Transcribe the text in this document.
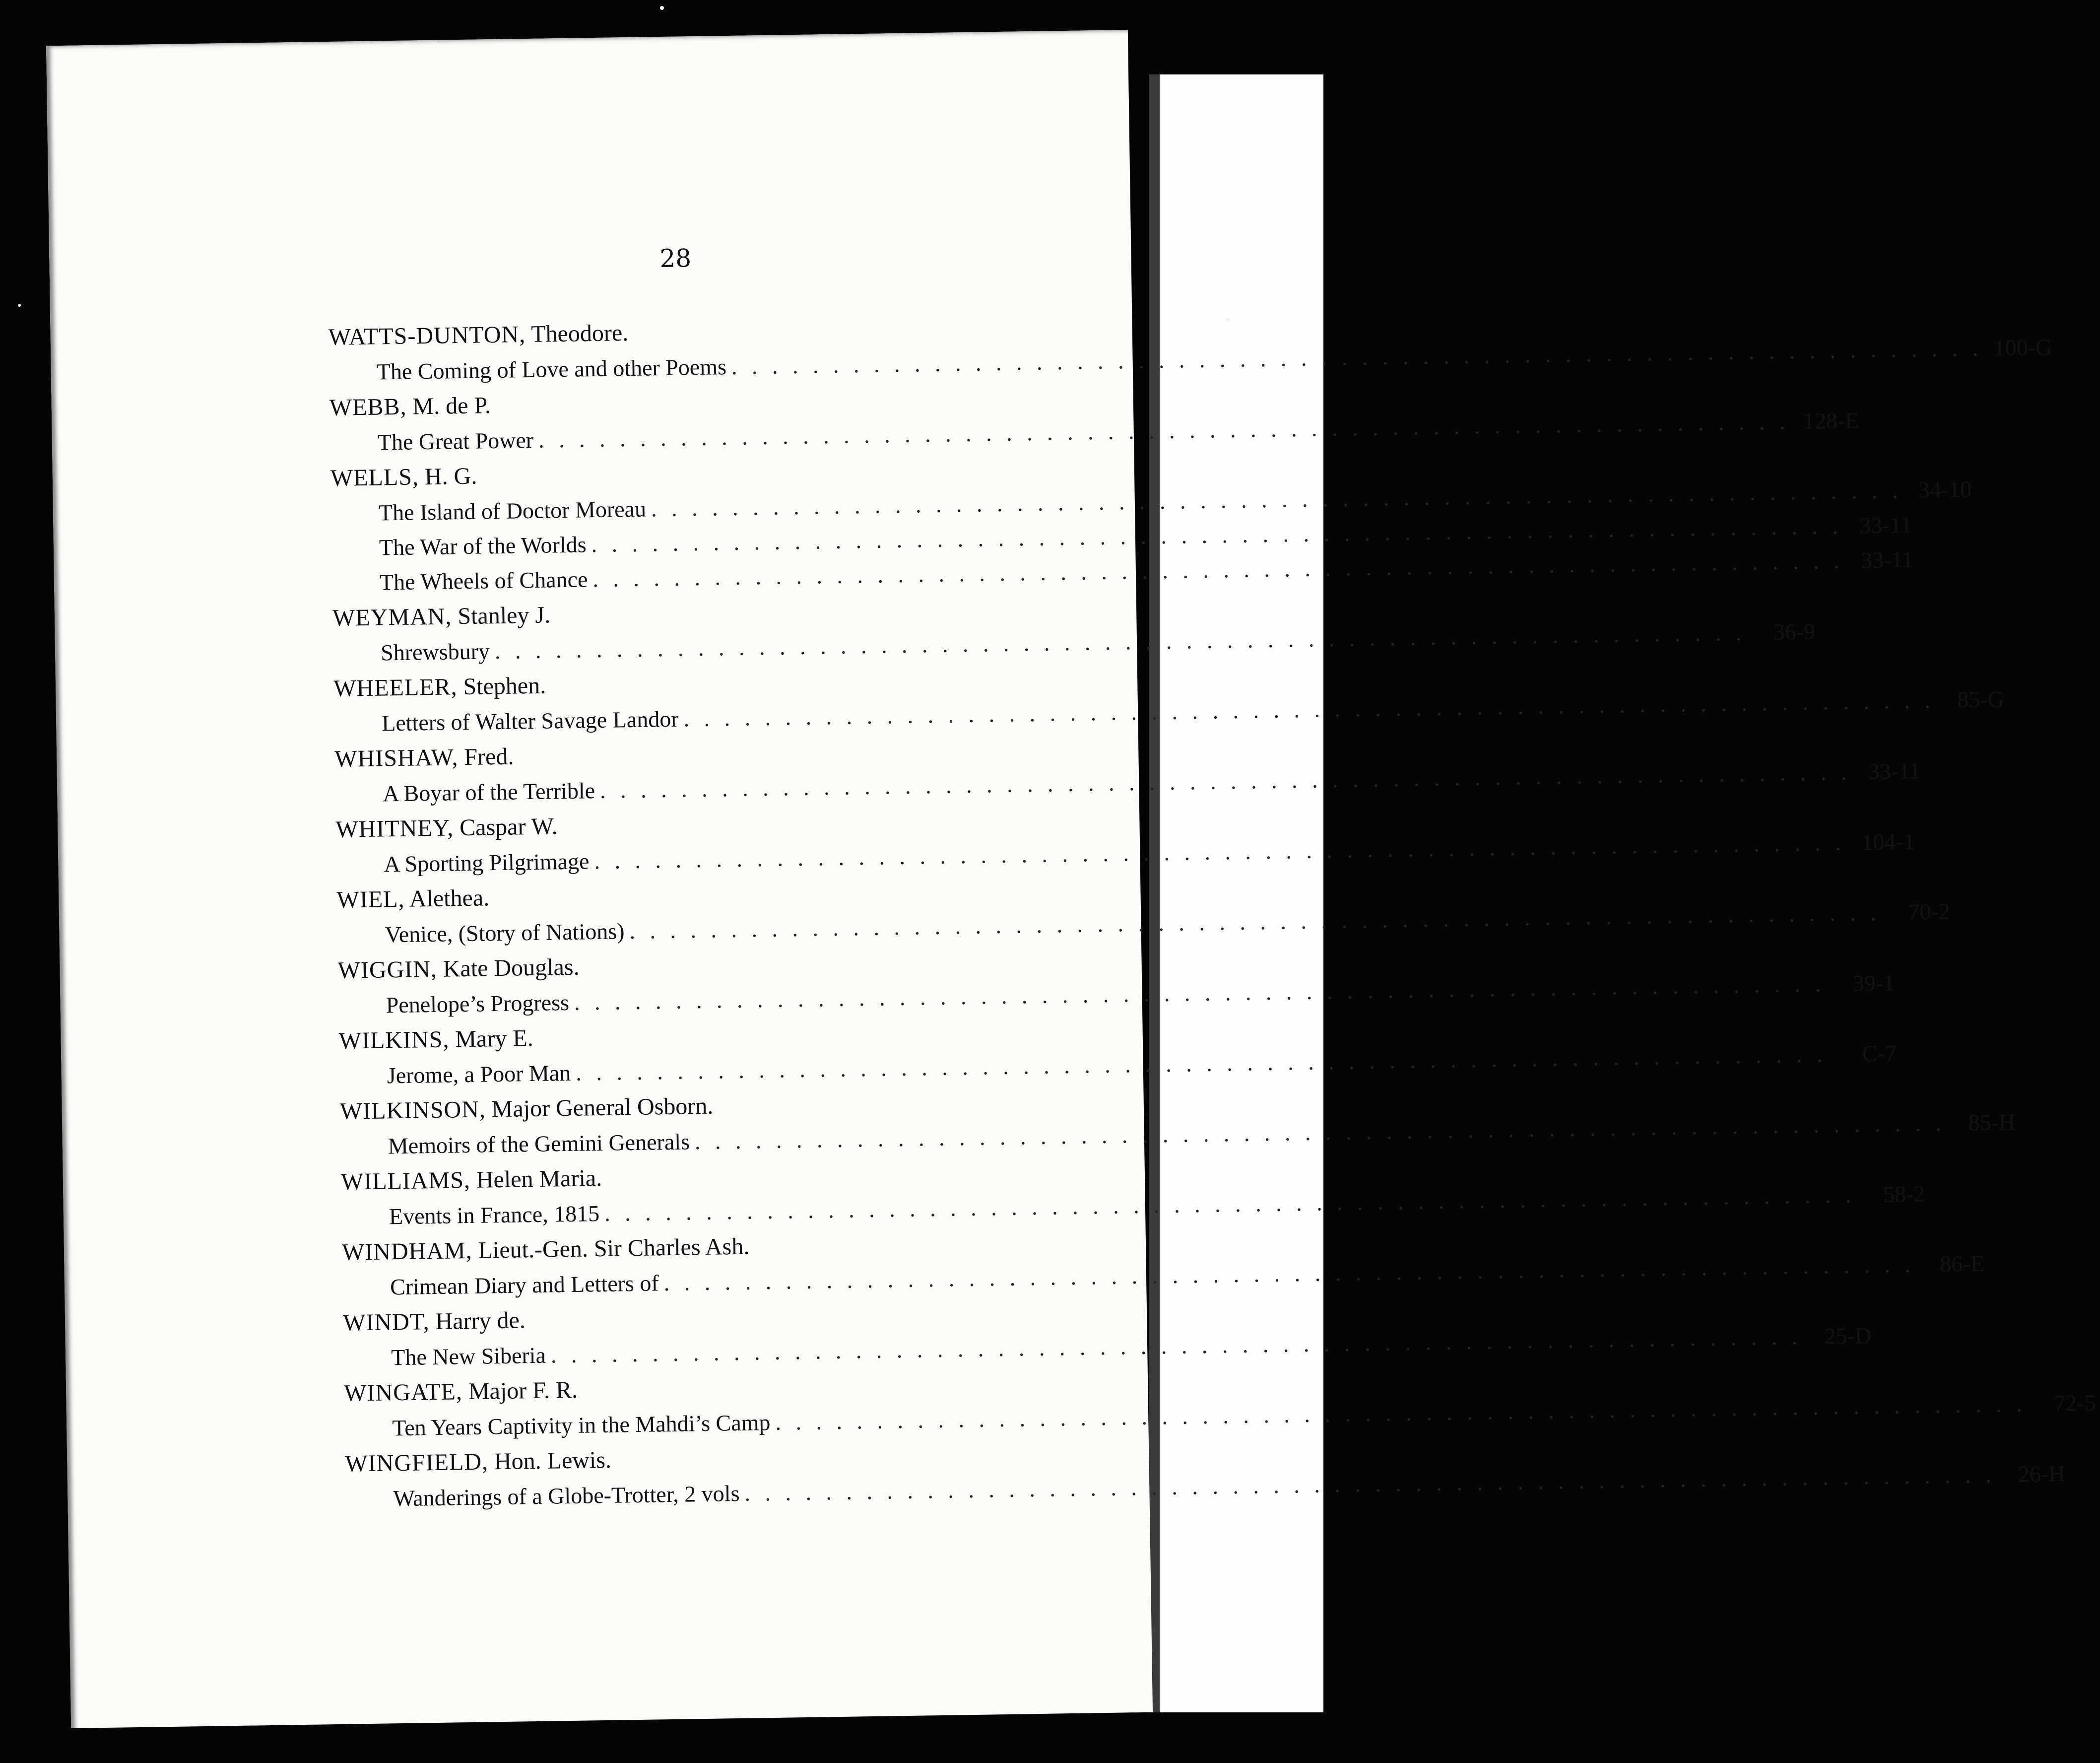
28
WATTS-DUNTON, Theodore.
The Coming of Love and other Poems . . . . . . . . . . . . . . . . . . . . . . . . . . . . . . . . . . . . . . . . . . . . . . . . . . . . . . . . . . . . . . 100-G
WEBB, M. de P.
The Great Power . . . . . . . . . . . . . . . . . . . . . . . . . . . . . . . . . . . . . . . . . . . . . . . . . . . . . . . . . . . . . . 128-E
WELLS, H. G.
The Island of Doctor Moreau . . . . . . . . . . . . . . . . . . . . . . . . . . . . . . . . . . . . . . . . . . . . . . . . . . . . . . . . . . . . . . 34-10
The War of the Worlds . . . . . . . . . . . . . . . . . . . . . . . . . . . . . . . . . . . . . . . . . . . . . . . . . . . . . . . . . . . . . . 33-11
The Wheels of Chance . . . . . . . . . . . . . . . . . . . . . . . . . . . . . . . . . . . . . . . . . . . . . . . . . . . . . . . . . . . . . . 33-11
WEYMAN, Stanley J.
Shrewsbury . . . . . . . . . . . . . . . . . . . . . . . . . . . . . . . . . . . . . . . . . . . . . . . . . . . . . . . . . . . . . .	36-9
WHEELER, Stephen.
Letters of Walter Savage Landor . . . . . . . . . . . . . . . . . . . . . . . . . . . . . . . . . . . . . . . . . . . . . . . . . . . . . . . . . . . . . . 85-G
WHISHAW, Fred.
A Boyar of the Terrible . . . . . . . . . . . . . . . . . . . . . . . . . . . . . . . . . . . . . . . . . . . . . . . . . . . . . . . . . . . . . . 33-11
WHITNEY, Caspar W.
A Sporting Pilgrimage . . . . . . . . . . . . . . . . . . . . . . . . . . . . . . . . . . . . . . . . . . . . . . . . . . . . . . . . . . . . . . 104-1
WIEL, Alethea.
Venice, (Story of Nations) . . . . . . . . . . . . . . . . . . . . . . . . . . . . . . . . . . . . . . . . . . . . . . . . . . . . . . . . . . . . . .	70-2
WIGGIN, Kate Douglas.
Penelope’s Progress . . . . . . . . . . . . . . . . . . . . . . . . . . . . . . . . . . . . . . . . . . . . . . . . . . . . . . . . . . . . . .	39-1
WILKINS, Mary E.
Jerome, a Poor Man . . . . . . . . . . . . . . . . . . . . . . . . . . . . . . . . . . . . . . . . . . . . . . . . . . . . . . . . . . . . . .	C-7
WILKINSON, Major General Osborn.
Memoirs of the Gemini Generals . . . . . . . . . . . . . . . . . . . . . . . . . . . . . . . . . . . . . . . . . . . . . . . . . . . . . . . . . . . . . . 85-H
WILLIAMS, Helen Maria.
Events in France, 1815 . . . . . . . . . . . . . . . . . . . . . . . . . . . . . . . . . . . . . . . . . . . . . . . . . . . . . . . . . . . . . .	58-2
WINDHAM, Lieut.-Gen. Sir Charles Ash.
Crimean Diary and Letters of . . . . . . . . . . . . . . . . . . . . . . . . . . . . . . . . . . . . . . . . . . . . . . . . . . . . . . . . . . . . . .	86-E
WINDT, Harry de.
The New Siberia . . . . . . . . . . . . . . . . . . . . . . . . . . . . . . . . . . . . . . . . . . . . . . . . . . . . . . . . . . . . . . 25-D
WINGATE, Major F. R.
Ten Years Captivity in the Mahdi’s Camp . . . . . . . . . . . . . . . . . . . . . . . . . . . . . . . . . . . . . . . . . . . . . . . . . . . . . . . . . . . . . .	72-5
WINGFIELD, Hon. Lewis.
Wanderings of a Globe-Trotter, 2 vols . . . . . . . . . . . . . . . . . . . . . . . . . . . . . . . . . . . . . . . . . . . . . . . . . . . . . . . . . . . . . . 26-H
